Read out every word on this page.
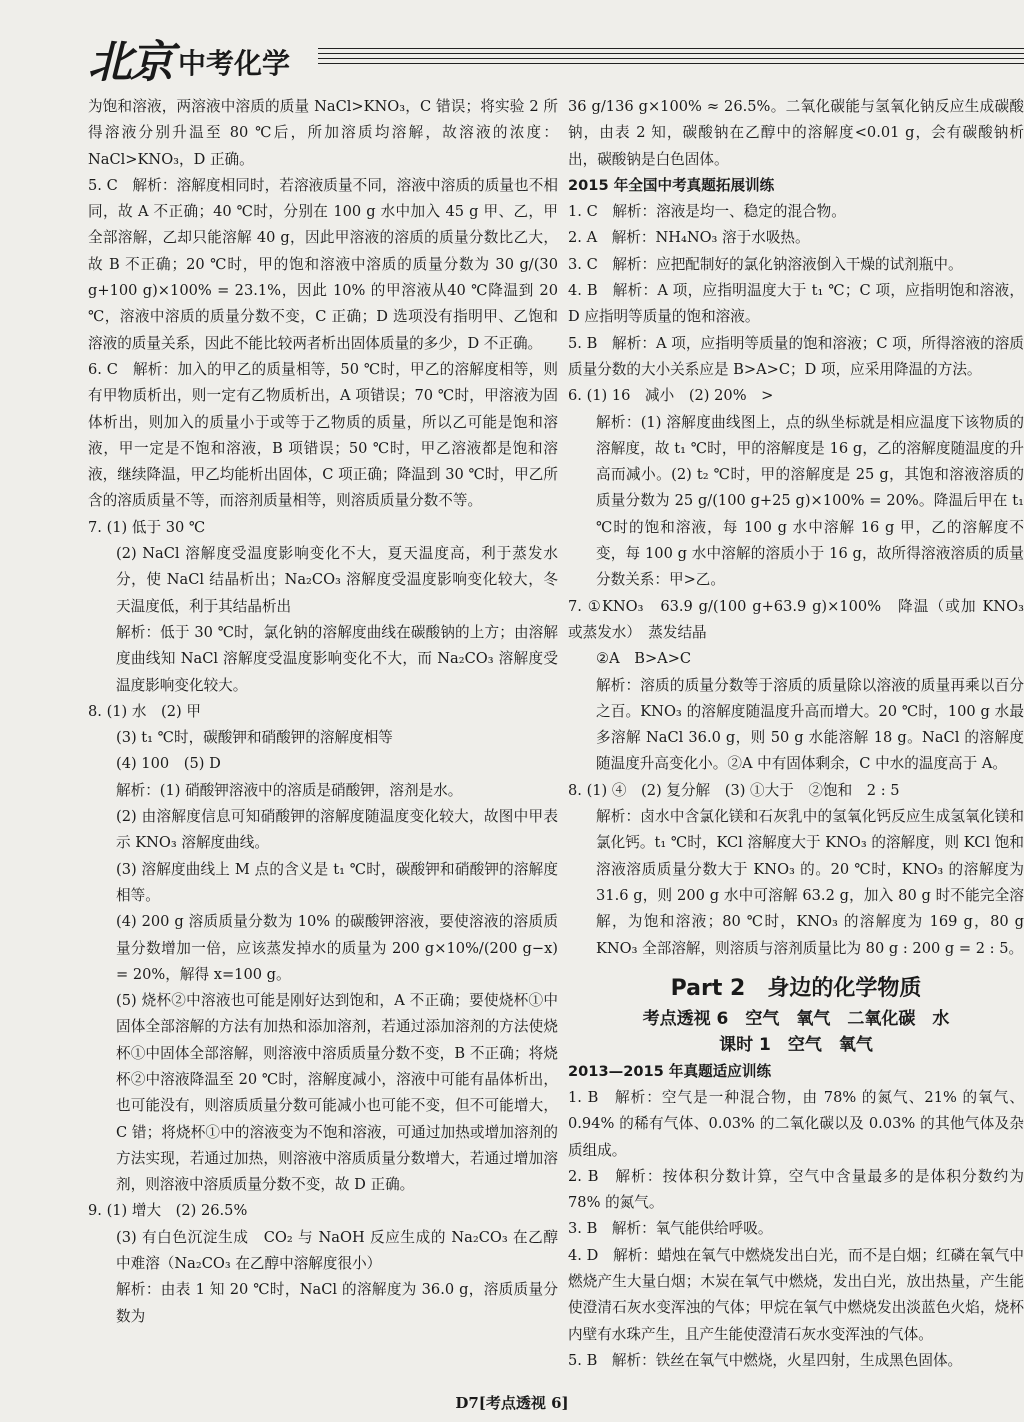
北京 中考化学

为饱和溶液，两溶液中溶质的质量 NaCl>KNO₃，C 错误；将实验 2 所得溶液分别升温至 80 ℃后，所加溶质均溶解，故溶液的浓度：NaCl>KNO₃，D 正确。

5. C　解析：溶解度相同时，若溶液质量不同，溶液中溶质的质量也不相同，故 A 不正确；40 ℃时，分别在 100 g 水中加入 45 g 甲、乙，甲全部溶解，乙却只能溶解 40 g，因此甲溶液的溶质的质量分数比乙大，故 B 不正确；20 ℃时，甲的饱和溶液中溶质的质量分数为 30 g/(30 g+100 g)×100% = 23.1%，因此 10% 的甲溶液从40 ℃降温到 20 ℃，溶液中溶质的质量分数不变，C 正确；D 选项没有指明甲、乙饱和溶液的质量关系，因此不能比较两者析出固体质量的多少，D 不正确。

6. C　解析：加入的甲乙的质量相等，50 ℃时，甲乙的溶解度相等，则有甲物质析出，则一定有乙物质析出，A 项错误；70 ℃时，甲溶液为固体析出，则加入的质量小于或等于乙物质的质量，所以乙可能是饱和溶液，甲一定是不饱和溶液，B 项错误；50 ℃时，甲乙溶液都是饱和溶液，继续降温，甲乙均能析出固体，C 项正确；降温到 30 ℃时，甲乙所含的溶质质量不等，而溶剂质量相等，则溶质质量分数不等。

7. (1) 低于 30 ℃

(2) NaCl 溶解度受温度影响变化不大，夏天温度高，利于蒸发水分，使 NaCl 结晶析出；Na₂CO₃ 溶解度受温度影响变化较大，冬天温度低，利于其结晶析出

解析：低于 30 ℃时，氯化钠的溶解度曲线在碳酸钠的上方；由溶解度曲线知 NaCl 溶解度受温度影响变化不大，而 Na₂CO₃ 溶解度受温度影响变化较大。

8. (1) 水　(2) 甲

(3) t₁ ℃时，碳酸钾和硝酸钾的溶解度相等

(4) 100　(5) D

解析：(1) 硝酸钾溶液中的溶质是硝酸钾，溶剂是水。

(2) 由溶解度信息可知硝酸钾的溶解度随温度变化较大，故图中甲表示 KNO₃ 溶解度曲线。

(3) 溶解度曲线上 M 点的含义是 t₁ ℃时，碳酸钾和硝酸钾的溶解度相等。

(4) 200 g 溶质质量分数为 10% 的碳酸钾溶液，要使溶液的溶质质量分数增加一倍，应该蒸发掉水的质量为 200 g×10%/(200 g−x) = 20%，解得 x=100 g。

(5) 烧杯②中溶液也可能是刚好达到饱和，A 不正确；要使烧杯①中固体全部溶解的方法有加热和添加溶剂，若通过添加溶剂的方法使烧杯①中固体全部溶解，则溶液中溶质质量分数不变，B 不正确；将烧杯②中溶液降温至 20 ℃时，溶解度减小，溶液中可能有晶体析出，也可能没有，则溶质质量分数可能减小也可能不变，但不可能增大，C 错；将烧杯①中的溶液变为不饱和溶液，可通过加热或增加溶剂的方法实现，若通过加热，则溶液中溶质质量分数增大，若通过增加溶剂，则溶液中溶质质量分数不变，故 D 正确。

9. (1) 增大　(2) 26.5%

(3) 有白色沉淀生成　CO₂ 与 NaOH 反应生成的 Na₂CO₃ 在乙醇中难溶（Na₂CO₃ 在乙醇中溶解度很小）

解析：由表 1 知 20 ℃时，NaCl 的溶解度为 36.0 g，溶质质量分数为

36 g/136 g×100% ≈ 26.5%。二氧化碳能与氢氧化钠反应生成碳酸钠，由表 2 知，碳酸钠在乙醇中的溶解度<0.01 g，会有碳酸钠析出，碳酸钠是白色固体。

2015 年全国中考真题拓展训练

1. C　解析：溶液是均一、稳定的混合物。

2. A　解析：NH₄NO₃ 溶于水吸热。

3. C　解析：应把配制好的氯化钠溶液倒入干燥的试剂瓶中。

4. B　解析：A 项，应指明温度大于 t₁ ℃；C 项，应指明饱和溶液，D 应指明等质量的饱和溶液。

5. B　解析：A 项，应指明等质量的饱和溶液；C 项，所得溶液的溶质质量分数的大小关系应是 B>A>C；D 项，应采用降温的方法。

6. (1) 16　减小　(2) 20%　>

解析：(1) 溶解度曲线图上，点的纵坐标就是相应温度下该物质的溶解度，故 t₁ ℃时，甲的溶解度是 16 g，乙的溶解度随温度的升高而减小。(2) t₂ ℃时，甲的溶解度是 25 g，其饱和溶液溶质的质量分数为 25 g/(100 g+25 g)×100% = 20%。降温后甲在 t₁ ℃时的饱和溶液，每 100 g 水中溶解 16 g 甲，乙的溶解度不变，每 100 g 水中溶解的溶质小于 16 g，故所得溶液溶质的质量分数关系：甲>乙。

7. ①KNO₃　63.9 g/(100 g+63.9 g)×100%　降温（或加 KNO₃ 或蒸发水）　蒸发结晶

②A　B>A>C

解析：溶质的质量分数等于溶质的质量除以溶液的质量再乘以百分之百。KNO₃ 的溶解度随温度升高而增大。20 ℃时，100 g 水最多溶解 NaCl 36.0 g，则 50 g 水能溶解 18 g。NaCl 的溶解度随温度升高变化小。②A 中有固体剩余，C 中水的温度高于 A。

8. (1) ④　(2) 复分解　(3) ①大于　②饱和　2 : 5

解析：卤水中含氯化镁和石灰乳中的氢氧化钙反应生成氢氧化镁和氯化钙。t₁ ℃时，KCl 溶解度大于 KNO₃ 的溶解度，则 KCl 饱和溶液溶质质量分数大于 KNO₃ 的。20 ℃时，KNO₃ 的溶解度为 31.6 g，则 200 g 水中可溶解 63.2 g，加入 80 g 时不能完全溶解，为饱和溶液；80 ℃时，KNO₃ 的溶解度为 169 g，80 g KNO₃ 全部溶解，则溶质与溶剂质量比为 80 g : 200 g = 2 : 5。

Part 2　身边的化学物质
考点透视 6　空气　氧气　二氧化碳　水
课时 1　空气　氧气

2013—2015 年真题适应训练

1. B　解析：空气是一种混合物，由 78% 的氮气、21% 的氧气、0.94% 的稀有气体、0.03% 的二氧化碳以及 0.03% 的其他气体及杂质组成。

2. B　解析：按体积分数计算，空气中含量最多的是体积分数约为 78% 的氮气。

3. B　解析：氧气能供给呼吸。

4. D　解析：蜡烛在氧气中燃烧发出白光，而不是白烟；红磷在氧气中燃烧产生大量白烟；木炭在氧气中燃烧，发出白光，放出热量，产生能使澄清石灰水变浑浊的气体；甲烷在氧气中燃烧发出淡蓝色火焰，烧杯内壁有水珠产生，且产生能使澄清石灰水变浑浊的气体。

5. B　解析：铁丝在氧气中燃烧，火星四射，生成黑色固体。

D7[考点透视 6]
